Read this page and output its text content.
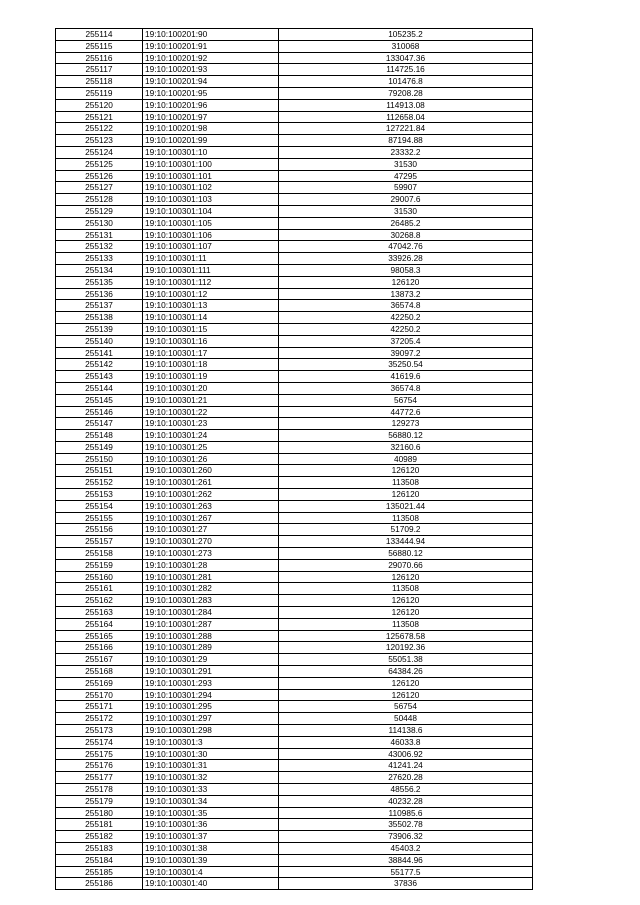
255114	19:10:100201:90	105235.2
255115	19:10:100201:91	310068
255116	19:10:100201:92	133047.36
255117	19:10:100201:93	114725.16
255118	19:10:100201:94	101476.8
255119	19:10:100201:95	79208.28
255120	19:10:100201:96	114913.08
255121	19:10:100201:97	112658.04
255122	19:10:100201:98	127221.84
255123	19:10:100201:99	87194.88
255124	19:10:100301:10	23332.2
255125	19:10:100301:100	31530
255126	19:10:100301:101	47295
255127	19:10:100301:102	59907
255128	19:10:100301:103	29007.6
255129	19:10:100301:104	31530
255130	19:10:100301:105	26485.2
255131	19:10:100301:106	30268.8
255132	19:10:100301:107	47042.76
255133	19:10:100301:11	33926.28
255134	19:10:100301:111	98058.3
255135	19:10:100301:112	126120
255136	19:10:100301:12	13873.2
255137	19:10:100301:13	36574.8
255138	19:10:100301:14	42250.2
255139	19:10:100301:15	42250.2
255140	19:10:100301:16	37205.4
255141	19:10:100301:17	39097.2
255142	19:10:100301:18	35250.54
255143	19:10:100301:19	41619.6
255144	19:10:100301:20	36574.8
255145	19:10:100301:21	56754
255146	19:10:100301:22	44772.6
255147	19:10:100301:23	129273
255148	19:10:100301:24	56880.12
255149	19:10:100301:25	32160.6
255150	19:10:100301:26	40989
255151	19:10:100301:260	126120
255152	19:10:100301:261	113508
255153	19:10:100301:262	126120
255154	19:10:100301:263	135021.44
255155	19:10:100301:267	113508
255156	19:10:100301:27	51709.2
255157	19:10:100301:270	133444.94
255158	19:10:100301:273	56880.12
255159	19:10:100301:28	29070.66
255160	19:10:100301:281	126120
255161	19:10:100301:282	113508
255162	19:10:100301:283	126120
255163	19:10:100301:284	126120
255164	19:10:100301:287	113508
255165	19:10:100301:288	125678.58
255166	19:10:100301:289	120192.36
255167	19:10:100301:29	55051.38
255168	19:10:100301:291	64384.26
255169	19:10:100301:293	126120
255170	19:10:100301:294	126120
255171	19:10:100301:295	56754
255172	19:10:100301:297	50448
255173	19:10:100301:298	114138.6
255174	19:10:100301:3	46033.8
255175	19:10:100301:30	43006.92
255176	19:10:100301:31	41241.24
255177	19:10:100301:32	27620.28
255178	19:10:100301:33	48556.2
255179	19:10:100301:34	40232.28
255180	19:10:100301:35	110985.6
255181	19:10:100301:36	35502.78
255182	19:10:100301:37	73906.32
255183	19:10:100301:38	45403.2
255184	19:10:100301:39	38844.96
255185	19:10:100301:4	55177.5
255186	19:10:100301:40	37836
